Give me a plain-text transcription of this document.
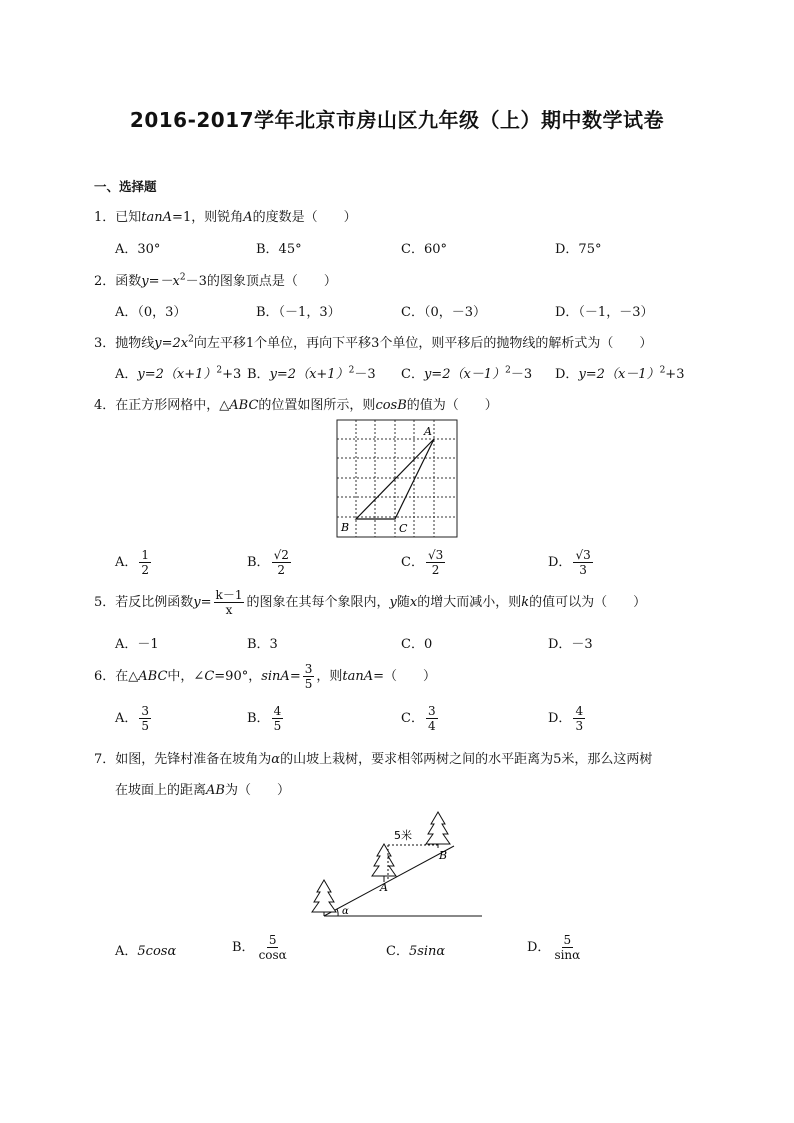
2016-2017学年北京市房山区九年级（上）期中数学试卷
一、选择题
1．已知tanA=1，则锐角A的度数是（　　）
A．30°	B．45°	C．60°	D．75°
2．函数$y=-x^2-3$的图象顶点是（　　）
A．（0，3）	B．（－1，3）	C．（0，－3）	D．（－1，－3）
3．抛物线$y=2x^2$向左平移1个单位，再向下平移3个单位，则平移后的抛物线的解析式为（　　）
A．$y=2(x+1)^2+3$ B．$y=2(x+1)^2-3$ C．$y=2(x-1)^2-3$ D．$y=2(x-1)^2+3$
4．在正方形网格中，△ABC的位置如图所示，则cosB的值为（　　）
A
B	C
A． $\frac{1}{2}$	B． $\frac{√2}{2}$	C． $\frac{√3}{2}$	D． $\frac{√3}{3}$
5．若反比例函数$y= \frac{k-1}{x}$ 的图象在其每个象限内，y随x的增大而减小，则k的值可以为（　　）
A．－1	B．3	C．0	D．－3
6．在△ABC中，∠C=90°，$\sin A= \frac{3}{5}$ ，则tanA=（　　）
A． $\frac{3}{5}$	B． $\frac{4}{5}$	C． $\frac{3}{4}$	D． $\frac{4}{3}$
7．如图，先锋村准备在坡角为α的山坡上栽树，要求相邻两树之间的水平距离为5米，那么这两树
在坡面上的距离AB为（　　）
α
5米
A
B
A．5cosα	B． $\frac{5}{\cos\alpha}$	C．5sinα	D． $\frac{5}{\sin\alpha}$
